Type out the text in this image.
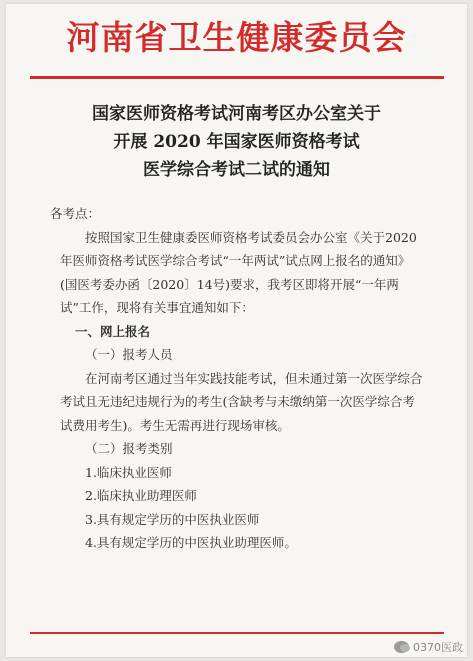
河南省卫生健康委员会
国家医师资格考试河南考区办公室关于
开展 2020 年国家医师资格考试
医学综合考试二试的通知

各考点：

按照国家卫生健康委医师资格考试委员会办公室《关于2020年医师资格考试医学综合考试“一年两试”试点网上报名的通知》(国医考委办函〔2020〕14号)要求，我考区即将开展“一年两试”工作，现将有关事宜通知如下：

一、网上报名

（一）报考人员

在河南考区通过当年实践技能考试，但未通过第一次医学综合考试且无违纪违规行为的考生(含缺考与未缴纳第一次医学综合考试费用考生)。考生无需再进行现场审核。

（二）报考类别

1.临床执业医师

2.临床执业助理医师

3.具有规定学历的中医执业医师

4.具有规定学历的中医执业助理医师。

0370医政
